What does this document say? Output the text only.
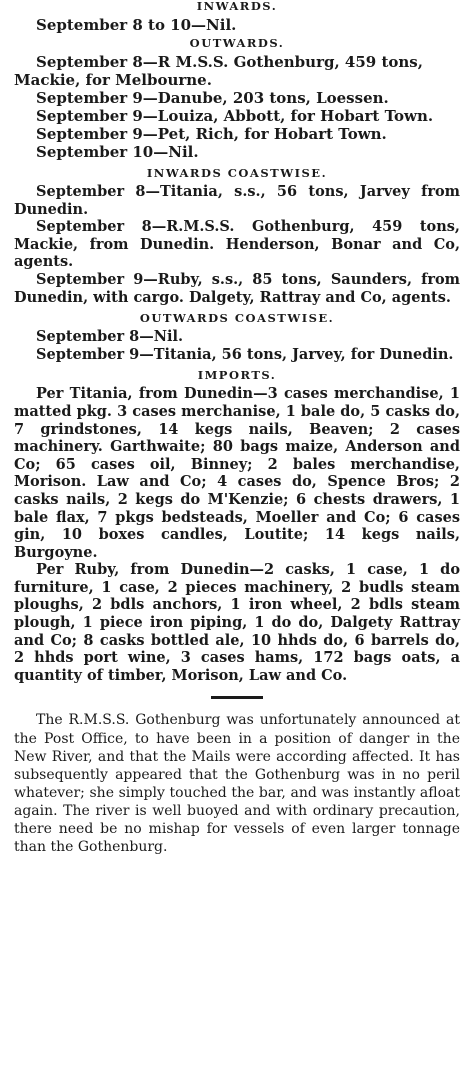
INWARDS.

September 8 to 10—Nil.

OUTWARDS.

September 8—R M.S.S. Gothenburg, 459 tons,

Mackie, for Melbourne.

September 9—Danube, 203 tons, Loessen.

September 9—Louiza, Abbott, for Hobart Town.

September 9—Pet, Rich, for Hobart Town.

September 10—Nil.

INWARDS COASTWISE.

September 8—Titania, s.s., 56 tons, Jarvey from Dunedin.

September 8—R.M.S.S. Gothenburg, 459 tons, Mackie, from Dunedin. Henderson, Bonar and Co, agents.

September 9—Ruby, s.s., 85 tons, Saunders, from Dunedin, with cargo. Dalgety, Rattray and Co, agents.

OUTWARDS COASTWISE.

September 8—Nil.

September 9—Titania, 56 tons, Jarvey, for Dunedin.

IMPORTS.

Per Titania, from Dunedin—3 cases merchandise, 1 matted pkg. 3 cases merchanise, 1 bale do, 5 casks do, 7 grindstones, 14 kegs nails, Beaven; 2 cases machinery. Garthwaite; 80 bags maize, Anderson and Co; 65 cases oil, Binney; 2 bales merchandise, Morison. Law and Co; 4 cases do, Spence Bros; 2 casks nails, 2 kegs do M'Kenzie; 6 chests drawers, 1 bale flax, 7 pkgs bedsteads, Moeller and Co; 6 cases gin, 10 boxes candles, Loutite; 14 kegs nails, Burgoyne.

Per Ruby, from Dunedin—2 casks, 1 case, 1 do furniture, 1 case, 2 pieces machinery, 2 budls steam ploughs, 2 bdls anchors, 1 iron wheel, 2 bdls steam plough, 1 piece iron piping, 1 do do, Dalgety Rattray and Co; 8 casks bottled ale, 10 hhds do, 6 barrels do, 2 hhds port wine, 3 cases hams, 172 bags oats, a quantity of timber, Morison, Law and Co.

The R.M.S.S. Gothenburg was unfortunately announced at the Post Office, to have been in a position of danger in the New River, and that the Mails were according affected. It has subsequently appeared that the Gothenburg was in no peril whatever; she simply touched the bar, and was instantly afloat again. The river is well buoyed and with ordinary precaution, there need be no mishap for vessels of even larger tonnage than the Gothenburg.
